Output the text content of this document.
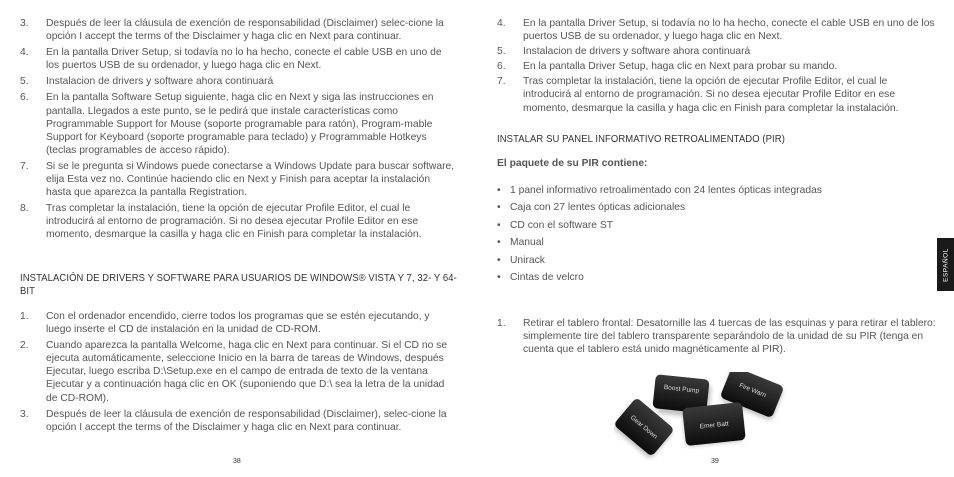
3. Después de leer la cláusula de exención de responsabilidad (Disclaimer) selec-cione la opción I accept the terms of the Disclaimer y haga clic en Next para continuar.
4. En la pantalla Driver Setup, si todavía no lo ha hecho, conecte el cable USB en uno de los puertos USB de su ordenador, y luego haga clic en Next.
5. Instalacion de drivers y software ahora continuará
6. En la pantalla Software Setup siguiente, haga clic en Next y siga las instrucciones en pantalla. Llegados a este punto, se le pedirá que instale características como Programmable Support for Mouse (soporte programable para ratón), Program-mable Support for Keyboard (soporte programable para teclado) y Programmable Hotkeys (teclas programables de acceso rápido).
7. Si se le pregunta si Windows puede conectarse a Windows Update para buscar software, elija Esta vez no. Continúe haciendo clic en Next y Finish para aceptar la instalación hasta que aparezca la pantalla Registration.
8. Tras completar la instalación, tiene la opción de ejecutar Profile Editor, el cual le introducirá al entorno de programación. Si no desea ejecutar Profile Editor en ese momento, desmarque la casilla y haga clic en Finish para completar la instalación.
INSTALACIÓN DE DRIVERS Y SOFTWARE PARA USUARIOS DE WINDOWS® VISTA Y 7, 32- Y 64-BIT
1. Con el ordenador encendido, cierre todos los programas que se estén ejecutando, y luego inserte el CD de instalación en la unidad de CD-ROM.
2. Cuando aparezca la pantalla Welcome, haga clic en Next para continuar. Si el CD no se ejecuta automáticamente, seleccione Inicio en la barra de tareas de Windows, después Ejecutar, luego escriba D:\Setup.exe en el campo de entrada de texto de la ventana Ejecutar y a continuación haga clic en OK (suponiendo que D:\ sea la letra de la unidad de CD-ROM).
3. Después de leer la cláusula de exención de responsabilidad (Disclaimer), selec-cione la opción I accept the terms of the Disclaimer y haga clic en Next para continuar.
38
4. En la pantalla Driver Setup, si todavía no lo ha hecho, conecte el cable USB en uno de los puertos USB de su ordenador, y luego haga clic en Next.
5. Instalacion de drivers y software ahora continuará
6. En la pantalla Driver Setup, haga clic en Next para probar su mando.
7. Tras completar la instalación, tiene la opción de ejecutar Profile Editor, el cual le introducirá al entorno de programación. Si no desea ejecutar Profile Editor en ese momento, desmarque la casilla y haga clic en Finish para completar la instalación.
INSTALAR SU PANEL INFORMATIVO RETROALIMENTADO (PIR)
El paquete de su PIR contiene:
• 1 panel informativo retroalimentado con 24 lentes ópticas integradas
• Caja con 27 lentes ópticas adicionales
• CD con el software ST
• Manual
• Unirack
• Cintas de velcro
1. Retirar el tablero frontal: Desatornille las 4 tuercas de las esquinas y para retirar el tablero: simplemente tire del tablero transparente separándolo de la unidad de su PIR (tenga en cuenta que el tablero está unido magnéticamente al PIR).
39
ESPAÑOL
Boost Pump	Fire Warn
Gear Down	Emer Batt
